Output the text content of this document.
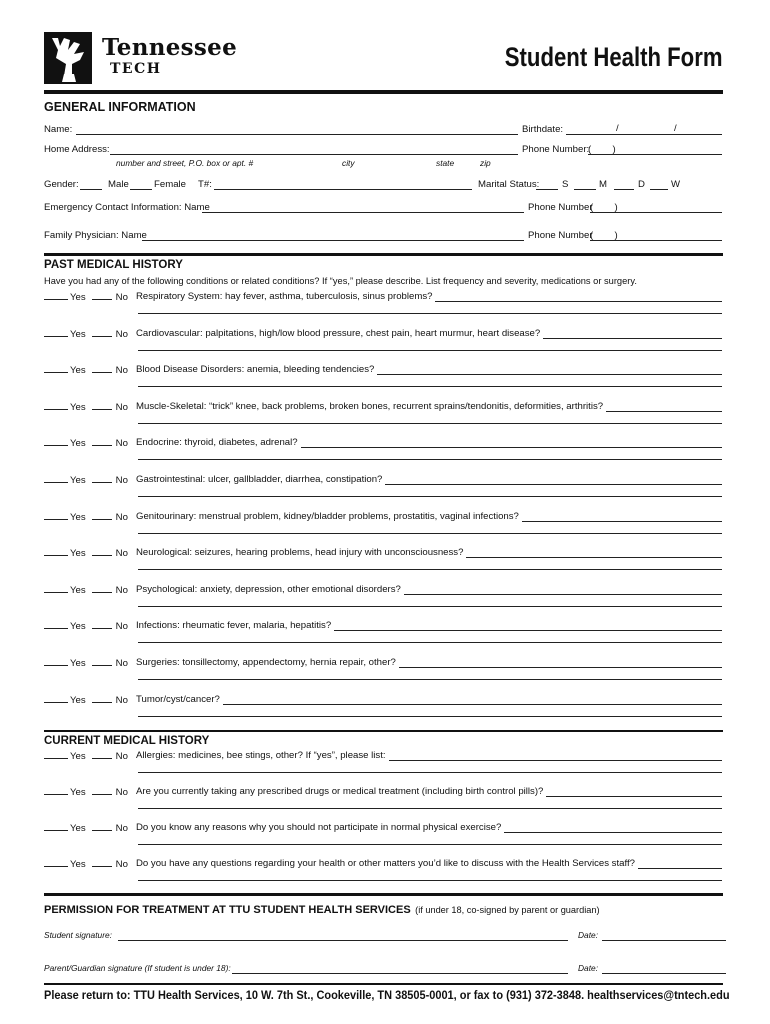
Tennessee
TECH	Student Health Form
GENERAL INFORMATION
Name:	Birthdate:	/	/
Home Address:	Phone Number:
(        )
number and street, P.O. box or apt. #	city	state	zip
Gender:	Male	Female T#:	Marital Status: S	M	D	W
Emergency Contact Information: Name	Phone Number
(        )
Family Physician: Name	Phone Number
(        )
PAST MEDICAL HISTORY
Have you had any of the following conditions or related conditions? If “yes,” please describe. List frequency and severity, medications or surgery.
Yes	No Respiratory System: hay fever, asthma, tuberculosis, sinus problems?
Yes	No Cardiovascular: palpitations, high/low blood pressure, chest pain, heart murmur, heart disease?
Yes	No Blood Disease Disorders: anemia, bleeding tendencies?
Yes	No Muscle-Skeletal: “trick” knee, back problems, broken bones, recurrent sprains/tendonitis, deformities, arthritis?
Yes	No Endocrine: thyroid, diabetes, adrenal?
Yes	No Gastrointestinal: ulcer, gallbladder, diarrhea, constipation?
Yes	No Genitourinary: menstrual problem, kidney/bladder problems, prostatitis, vaginal infections?
Yes	No Neurological: seizures, hearing problems, head injury with unconsciousness?
Yes	No Psychological: anxiety, depression, other emotional disorders?
Yes	No Infections: rheumatic fever, malaria, hepatitis?
Yes	No Surgeries: tonsillectomy, appendectomy, hernia repair, other?
Yes	No Tumor/cyst/cancer?
CURRENT MEDICAL HISTORY
Yes	No Allergies: medicines, bee stings, other? If “yes”, please list:
Yes	No Are you currently taking any prescribed drugs or medical treatment (including birth control pills)?
Yes	No Do you know any reasons why you should not participate in normal physical exercise?
Yes	No Do you have any questions regarding your health or other matters you’d like to discuss with the Health Services staff?
PERMISSION FOR TREATMENT AT TTU STUDENT HEALTH SERVICES (if under 18, co-signed by parent or guardian)
Student signature:	Date:
Parent/Guardian signature (If student is under 18):	Date:
Please return to: TTU Health Services, 10 W. 7th St., Cookeville, TN 38505-0001, or fax to (931) 372-3848. healthservices@tntech.edu
